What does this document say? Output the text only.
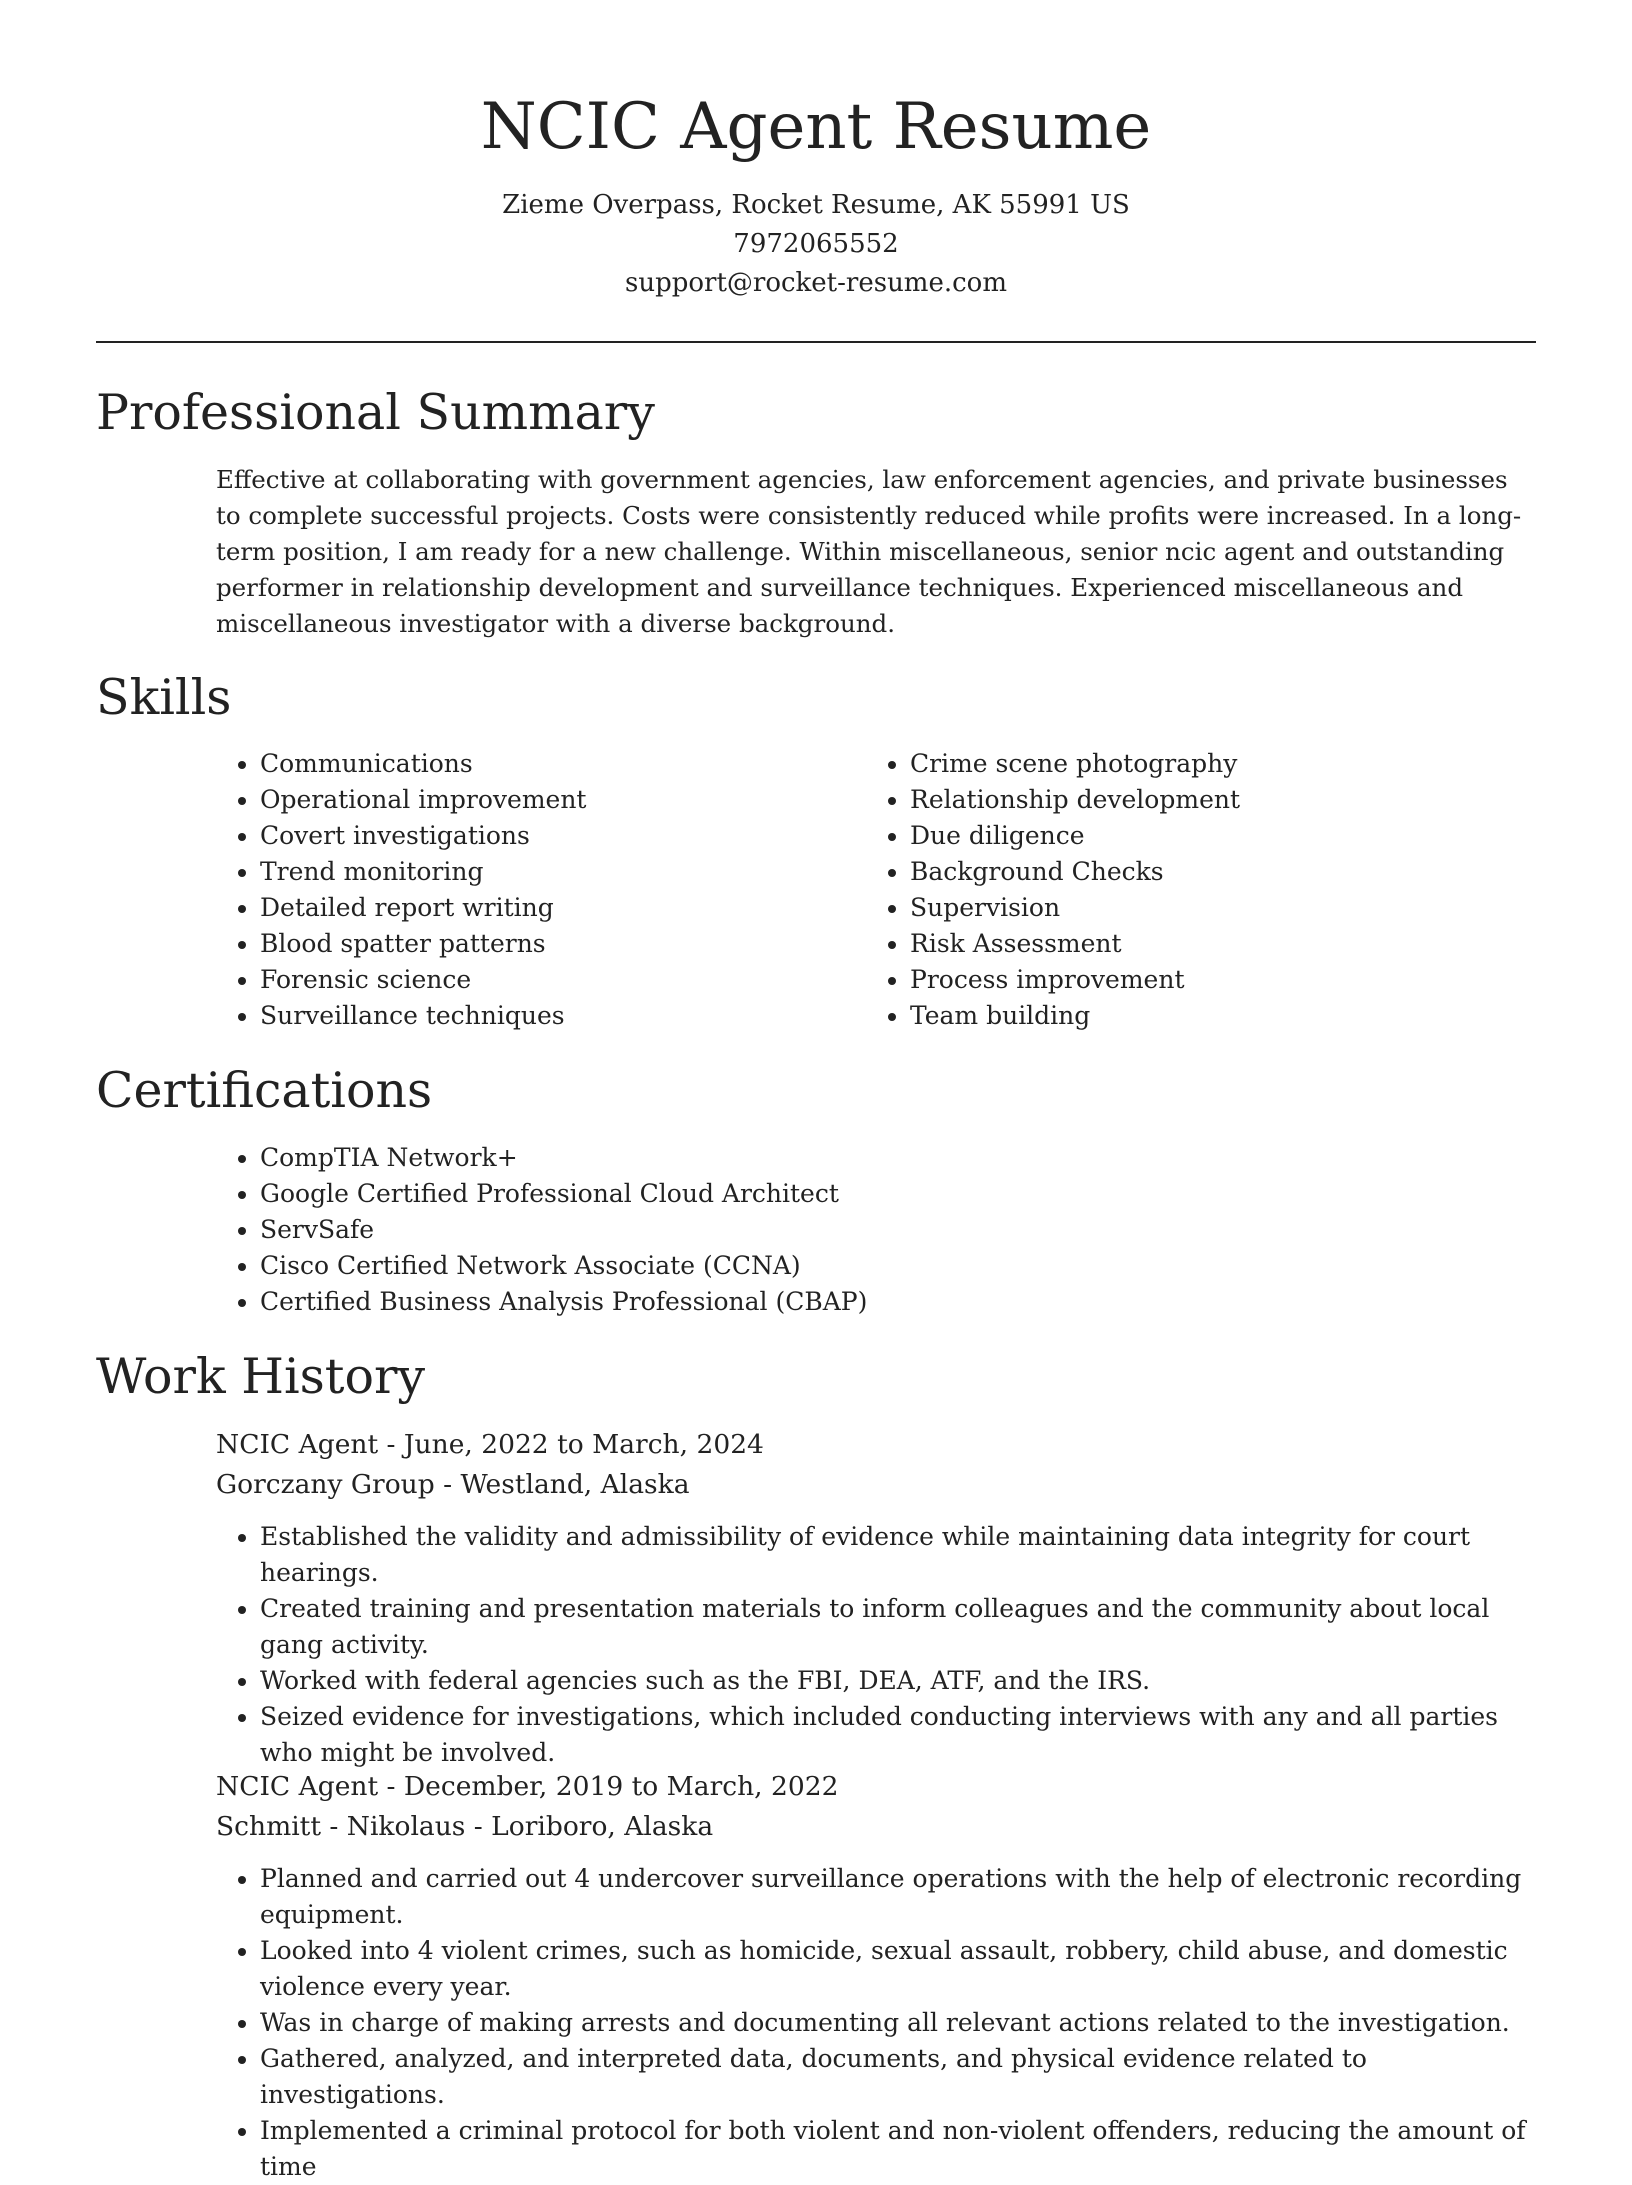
NCIC Agent Resume
Zieme Overpass, Rocket Resume, AK 55991 US
7972065552
support@rocket-resume.com
Professional Summary

Effective at collaborating with government agencies, law enforcement agencies, and private businesses to complete successful projects. Costs were consistently reduced while profits were increased. In a long-term position, I am ready for a new challenge. Within miscellaneous, senior ncic agent and outstanding performer in relationship development and surveillance techniques. Experienced miscellaneous and miscellaneous investigator with a diverse background.

Skills
• Communications
• Operational improvement
• Covert investigations
• Trend monitoring
• Detailed report writing
• Blood spatter patterns
• Forensic science
• Surveillance techniques
• Crime scene photography
• Relationship development
• Due diligence
• Background Checks
• Supervision
• Risk Assessment
• Process improvement
• Team building
Certifications
• CompTIA Network+
• Google Certified Professional Cloud Architect
• ServSafe
• Cisco Certified Network Associate (CCNA)
• Certified Business Analysis Professional (CBAP)
Work History
NCIC Agent - June, 2022 to March, 2024
Gorczany Group - Westland, Alaska
• Established the validity and admissibility of evidence while maintaining data integrity for court hearings.
• Created training and presentation materials to inform colleagues and the community about local gang activity.
• Worked with federal agencies such as the FBI, DEA, ATF, and the IRS.
• Seized evidence for investigations, which included conducting interviews with any and all parties who might be involved.
NCIC Agent - December, 2019 to March, 2022
Schmitt - Nikolaus - Loriboro, Alaska
• Planned and carried out 4 undercover surveillance operations with the help of electronic recording equipment.
• Looked into 4 violent crimes, such as homicide, sexual assault, robbery, child abuse, and domestic violence every year.
• Was in charge of making arrests and documenting all relevant actions related to the investigation.
• Gathered, analyzed, and interpreted data, documents, and physical evidence related to investigations.
• Implemented a criminal protocol for both violent and non-violent offenders, reducing the amount of time
